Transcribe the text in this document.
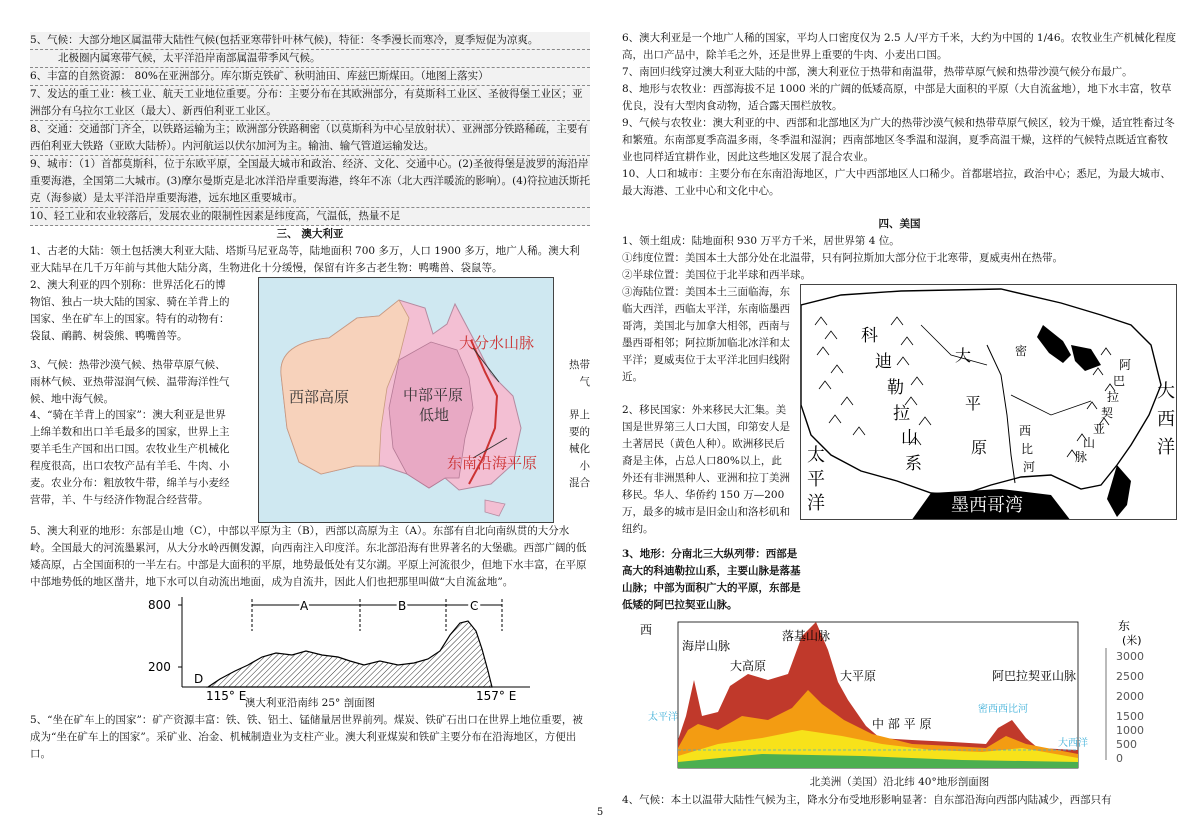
5、气候：大部分地区属温带大陆性气候(包括亚寒带针叶林气候)，特征：冬季漫长而寒冷，夏季短促为凉爽。
北极圈内属寒带气候，太平洋沿岸南部属温带季风气候。
6、丰富的自然资源： 80%在亚洲部分。库尔斯克铁矿、秋明油田、库兹巴斯煤田。（地图上落实）
7、发达的重工业：核工业、航天工业地位重要。分布：主要分布在其欧洲部分，有莫斯科工业区、圣彼得堡工业区；亚洲部分有乌拉尔工业区（最大）、新西伯利亚工业区。
8、交通：交通部门齐全，以铁路运输为主；欧洲部分铁路稠密（以莫斯科为中心呈放射状）、亚洲部分铁路稀疏，主要有西伯利亚大铁路（亚欧大陆桥）。内河航运以伏尔加河为主。输油、输气管道运输发达。
9、城市：（1）首都莫斯科，位于东欧平原，全国最大城市和政治、经济、文化、交通中心。(2)圣彼得堡是波罗的海沿岸重要海港，全国第二大城市。(3)摩尔曼斯克是北冰洋沿岸重要海港，终年不冻（北大西洋暖流的影响）。(4)符拉迪沃斯托克（海参崴）是太平洋沿岸重要海港，远东地区重要城市。
10、轻工业和农业较落后，发展农业的限制性因素是纬度高，气温低，热量不足
三、 澳大利亚
1、古老的大陆：领土包括澳大利亚大陆、塔斯马尼亚岛等，陆地面积 700 多万，人口 1900 多万，地广人稀。澳大利亚大陆早在几千万年前与其他大陆分离，生物进化十分缓慢，保留有许多古老生物：鸭嘴兽、袋鼠等。
2、澳大利亚的四个别称：世界活化石的博物馆、独占一块大陆的国家、骑在羊背上的国家、坐在矿车上的国家。特有的动物有：袋鼠、鸸鹋、树袋熊、鸭嘴兽等。
3、气候：热带沙漠气候、热带草原气候、雨林气候、亚热带湿润气候、温带海洋性气候、地中海气候。
4、“骑在羊背上的国家”：澳大利亚是世界上绵羊数和出口羊毛最多的国家，世界上主要羊毛生产国和出口国。农牧业生产机械化程度很高，出口农牧产品有羊毛、牛肉、小麦。农业分布：粗放牧牛带，绵羊与小麦经营带，羊、牛与经济作物混合经营带。
热带 气
界上
要的
械化
小
混合
西部高原	中部平原
低地
大分水山脉
东南沿海平原
5、澳大利亚的地形：东部是山地（C），中部以平原为主（B），西部以高原为主（A）。东部有自北向南纵贯的大分水岭。全国最大的河流墨累河，从大分水岭西侧发源，向西南注入印度洋。东北部沿海有世界著名的大堡礁。西部广阔的低矮高原，占全国面积的一半左右。中部是大面积的平原，地势最低处有艾尔湖。平原上河流很少，但地下水丰富，在平原中部地势低的地区凿井，地下水可以自动流出地面，成为自流井，因此人们也把那里叫做“大自流盆地”。
800
200
A	B	C
D
115° E	157° E
澳大利亚沿南纬 25° 剖面图
5、“坐在矿车上的国家”：矿产资源丰富：铁、铁、铝土、锰储量居世界前列。煤炭、铁矿石出口在世界上地位重要，被成为“坐在矿车上的国家”。采矿业、冶金、机械制造业为支柱产业。澳大利亚煤炭和铁矿主要分布在沿海地区，方便出口。
6、澳大利亚是一个地广人稀的国家，平均人口密度仅为 2.5 人/平方千米，大约为中国的 1/46。农牧业生产机械化程度高，出口产品中，除羊毛之外，还是世界上重要的牛肉、小麦出口国。
7、南回归线穿过澳大利亚大陆的中部，澳大利亚位于热带和南温带，热带草原气候和热带沙漠气候分布最广。
8、地形与农牧业：西部海拔不足 1000 米的广阔的低矮高原，中部是大面积的平原（大自流盆地），地下水丰富，牧草优良，没有大型肉食动物，适合露天围栏放牧。
9、气候与农牧业：澳大利亚的中、西部和北部地区为广大的热带沙漠气候和热带草原气候区，较为干燥，适宜牲畜过冬和繁殖。东南部夏季高温多雨，冬季温和湿润；西南部地区冬季温和湿润，夏季高温干燥，这样的气候特点既适宜畜牧业也同样适宜耕作业，因此这些地区发展了混合农业。
10、人口和城市：主要分布在东南沿海地区，广大中西部地区人口稀少。首都堪培拉，政治中心；悉尼，为最大城市、最大海港、工业中心和文化中心。
四、美国
1、领土组成：陆地面积 930 万平方千米，居世界第 4 位。
①纬度位置：美国本土大部分处在北温带，只有阿拉斯加大部分位于北寒带，夏威夷州在热带。
②半球位置：美国位于北半球和西半球。
③海陆位置：美国本土三面临海，东临大西洋，西临太平洋，东南临墨西哥湾，美国北与加拿大相邻，西南与墨西哥相邻；阿拉斯加临北冰洋和太平洋；夏威夷位于太平洋北回归线附近。
2、移民国家：外来移民大汇集。美国是世界第三人口大国，印第安人是土著居民（黄色人种）。欧洲移民后裔是主体，占总人口80%以上，此外还有非洲黑种人、亚洲和拉丁美洲移民。华人、华侨约 150 万—200 万，最多的城市是旧金山和洛杉矶和纽约。
科
迪
勒
拉
山
系
大
平
原
密
西
比
河
阿
巴
拉
契
亚
山
脉
太
平
洋
大
西
洋
墨西哥湾
3、地形：分南北三大纵列带：西部是高大的科迪勒拉山系，主要山脉是落基山脉；中部为面积广大的平原，东部是低矮的阿巴拉契亚山脉。
西	东
(米)
3000
2500
2000
1500
1000
500
0
落基山脉
大高原
大平原
中 部 平 原
密西西比河
阿巴拉契亚山脉
海岸山脉
太平洋
大西洋
北美洲（美国）沿北纬 40°地形剖面图
4、气候：本土以温带大陆性气候为主，降水分布受地形影响显著：自东部沿海向西部内陆减少，西部只有
5
